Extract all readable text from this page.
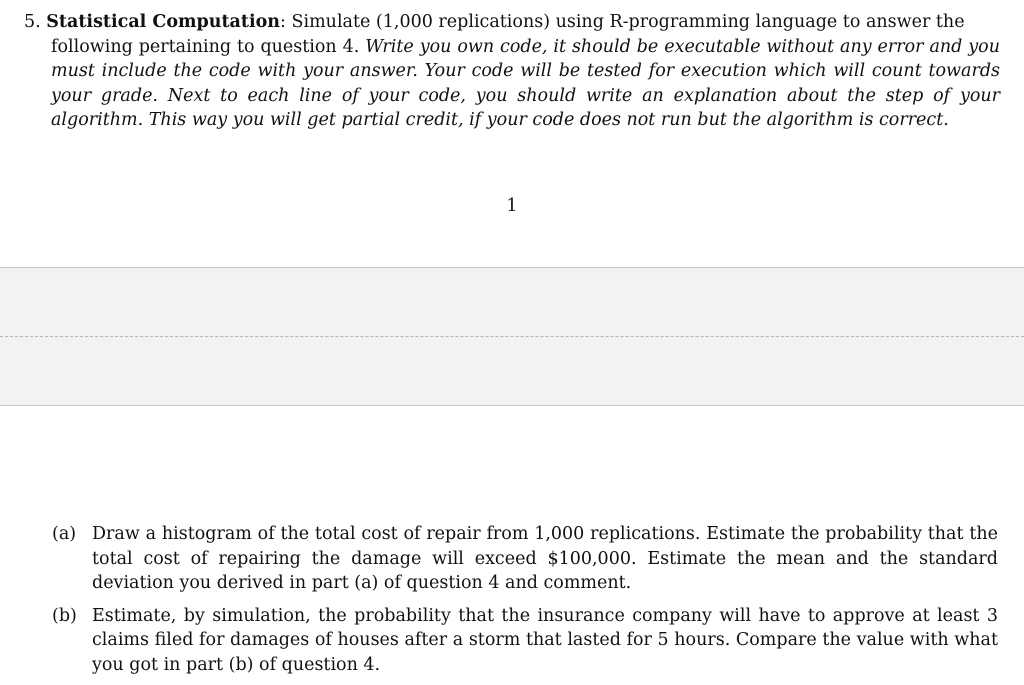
5. Statistical Computation: Simulate (1,000 replications) using R-programming language to answer the
following pertaining to question 4. Write you own code, it should be executable without any error and you must include the code with your answer. Your code will be tested for execution which will count towards your grade. Next to each line of your code, you should write an explanation about the step of your algorithm. This way you will get partial credit, if your code does not run but the algorithm is correct.
1
(a) Draw a histogram of the total cost of repair from 1,000 replications. Estimate the probability that the total cost of repairing the damage will exceed $100,000. Estimate the mean and the standard deviation you derived in part (a) of question 4 and comment.
(b) Estimate, by simulation, the probability that the insurance company will have to approve at least 3 claims filed for damages of houses after a storm that lasted for 5 hours. Compare the value with what you got in part (b) of question 4.
